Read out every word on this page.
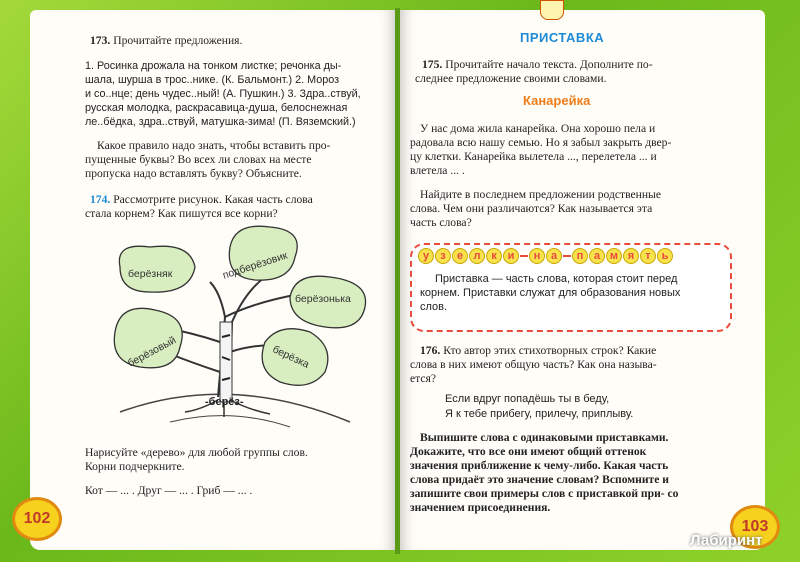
173. Прочитайте предложения.
1. Росинка дрожала на тонком листке; речонка ды-
шала, шурша в трос..нике. (К. Бальмонт.) 2. Мороз
и со..нце; день чудес..ный! (А. Пушкин.) 3. Здра..ствуй,
русская молодка, раскрасавица-душа, белоснежная
ле..бёдка, здра..ствуй, матушка-зима! (П. Вяземский.)
Какое правило надо знать, чтобы вставить про-
пущенные буквы? Во всех ли словах на месте
пропуска надо вставлять букву? Объясните.
174. Рассмотрите рисунок. Какая часть слова
стала корнем? Как пишутся все корни?
берёзняк	подберёзовик
берёзонька
берёзовый	берёзка
-берёз-
Нарисуйте «дерево» для любой группы слов.
Корни подчеркните.
Кот — ... . Друг — ... . Гриб — ... .
102
ПРИСТАВКА
175. Прочитайте начало текста. Дополните по-
следнее предложение своими словами.
Канарейка
У нас дома жила канарейка. Она хорошо пела и
радовала всю нашу семью. Но я забыл закрыть двер-
цу клетки. Канарейка вылетела ..., перелетела ... и
влетела ... .
Найдите в последнем предложении родственные
слова. Чем они различаются? Как называется эта
часть слова?
у	з	е л к и	н а	п а м я	т ь
Приставка — часть слова, которая стоит перед
корнем. Приставки служат для образования новых
слов.
176. Кто автор этих стихотворных строк? Какие
слова в них имеют общую часть? Как она называ-
ется?
Если вдруг попадёшь ты в беду,
Я к тебе прибегу, прилечу, приплыву.
Выпишите слова с одинаковыми приставками.
Докажите, что все они имеют общий оттенок
значения приближение к чему-либо. Какая часть
слова придаёт это значение словам? Вспомните и
запишите свои примеры слов с приставкой при- со
значением присоединения.
103
Лабиринт
